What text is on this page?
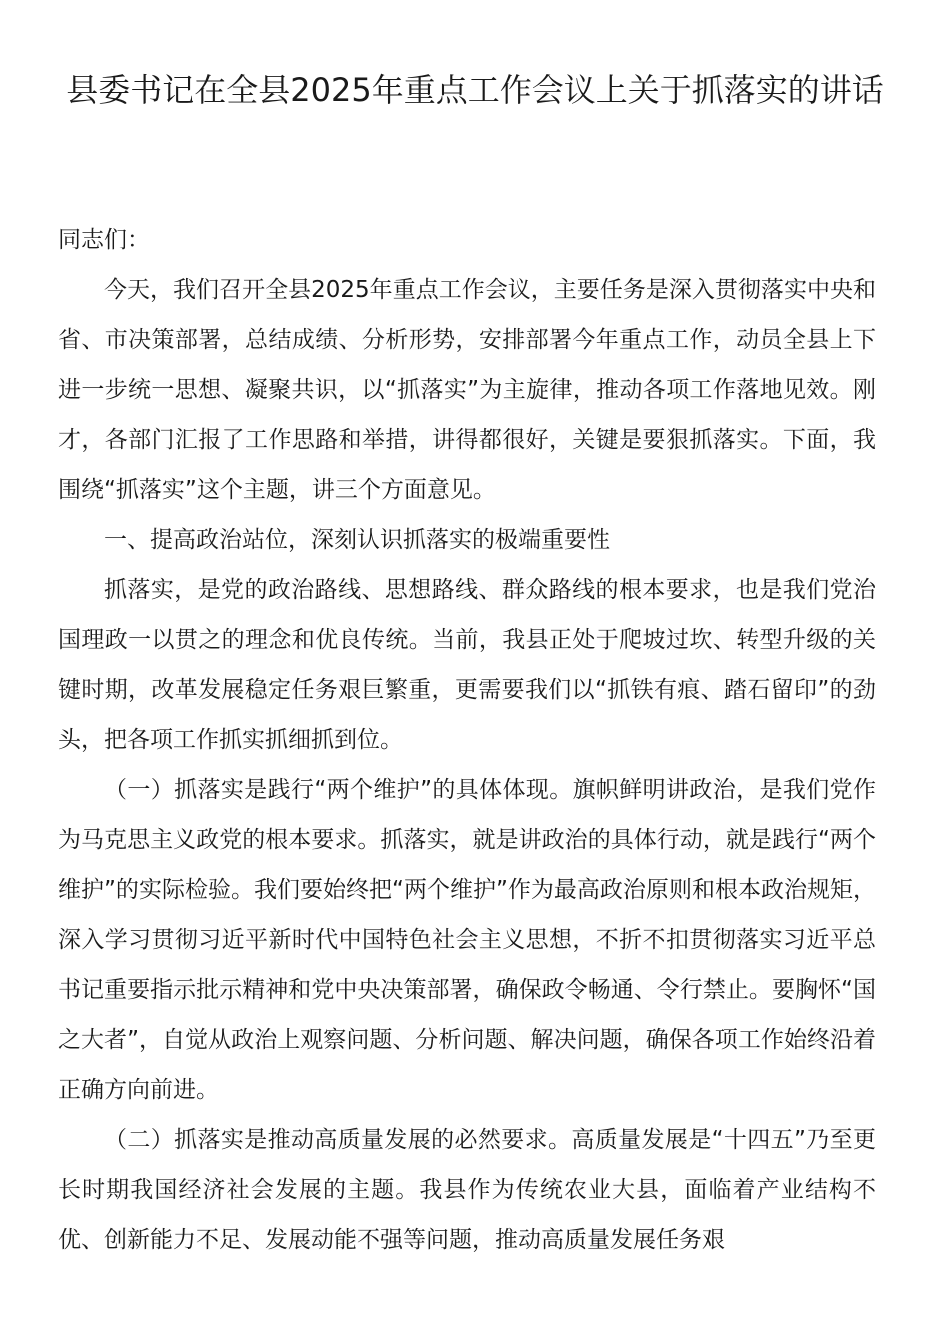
县委书记在全县2025年重点工作会议上关于抓落实的讲话

同志们：

今天，我们召开全县2025年重点工作会议，主要任务是深入贯彻落实中央和省、市决策部署，总结成绩、分析形势，安排部署今年重点工作，动员全县上下进一步统一思想、凝聚共识，以“抓落实”为主旋律，推动各项工作落地见效。刚才，各部门汇报了工作思路和举措，讲得都很好，关键是要狠抓落实。下面，我围绕“抓落实”这个主题，讲三个方面意见。

一、提高政治站位，深刻认识抓落实的极端重要性

抓落实，是党的政治路线、思想路线、群众路线的根本要求，也是我们党治国理政一以贯之的理念和优良传统。当前，我县正处于爬坡过坎、转型升级的关键时期，改革发展稳定任务艰巨繁重，更需要我们以“抓铁有痕、踏石留印”的劲头，把各项工作抓实抓细抓到位。

（一）抓落实是践行“两个维护”的具体体现。旗帜鲜明讲政治，是我们党作为马克思主义政党的根本要求。抓落实，就是讲政治的具体行动，就是践行“两个维护”的实际检验。我们要始终把“两个维护”作为最高政治原则和根本政治规矩，深入学习贯彻习近平新时代中国特色社会主义思想，不折不扣贯彻落实习近平总书记重要指示批示精神和党中央决策部署，确保政令畅通、令行禁止。要胸怀“国之大者”，自觉从政治上观察问题、分析问题、解决问题，确保各项工作始终沿着正确方向前进。

（二）抓落实是推动高质量发展的必然要求。高质量发展是“十四五”乃至更长时期我国经济社会发展的主题。我县作为传统农业大县，面临着产业结构不优、创新能力不足、发展动能不强等问题，推动高质量发展任务艰
